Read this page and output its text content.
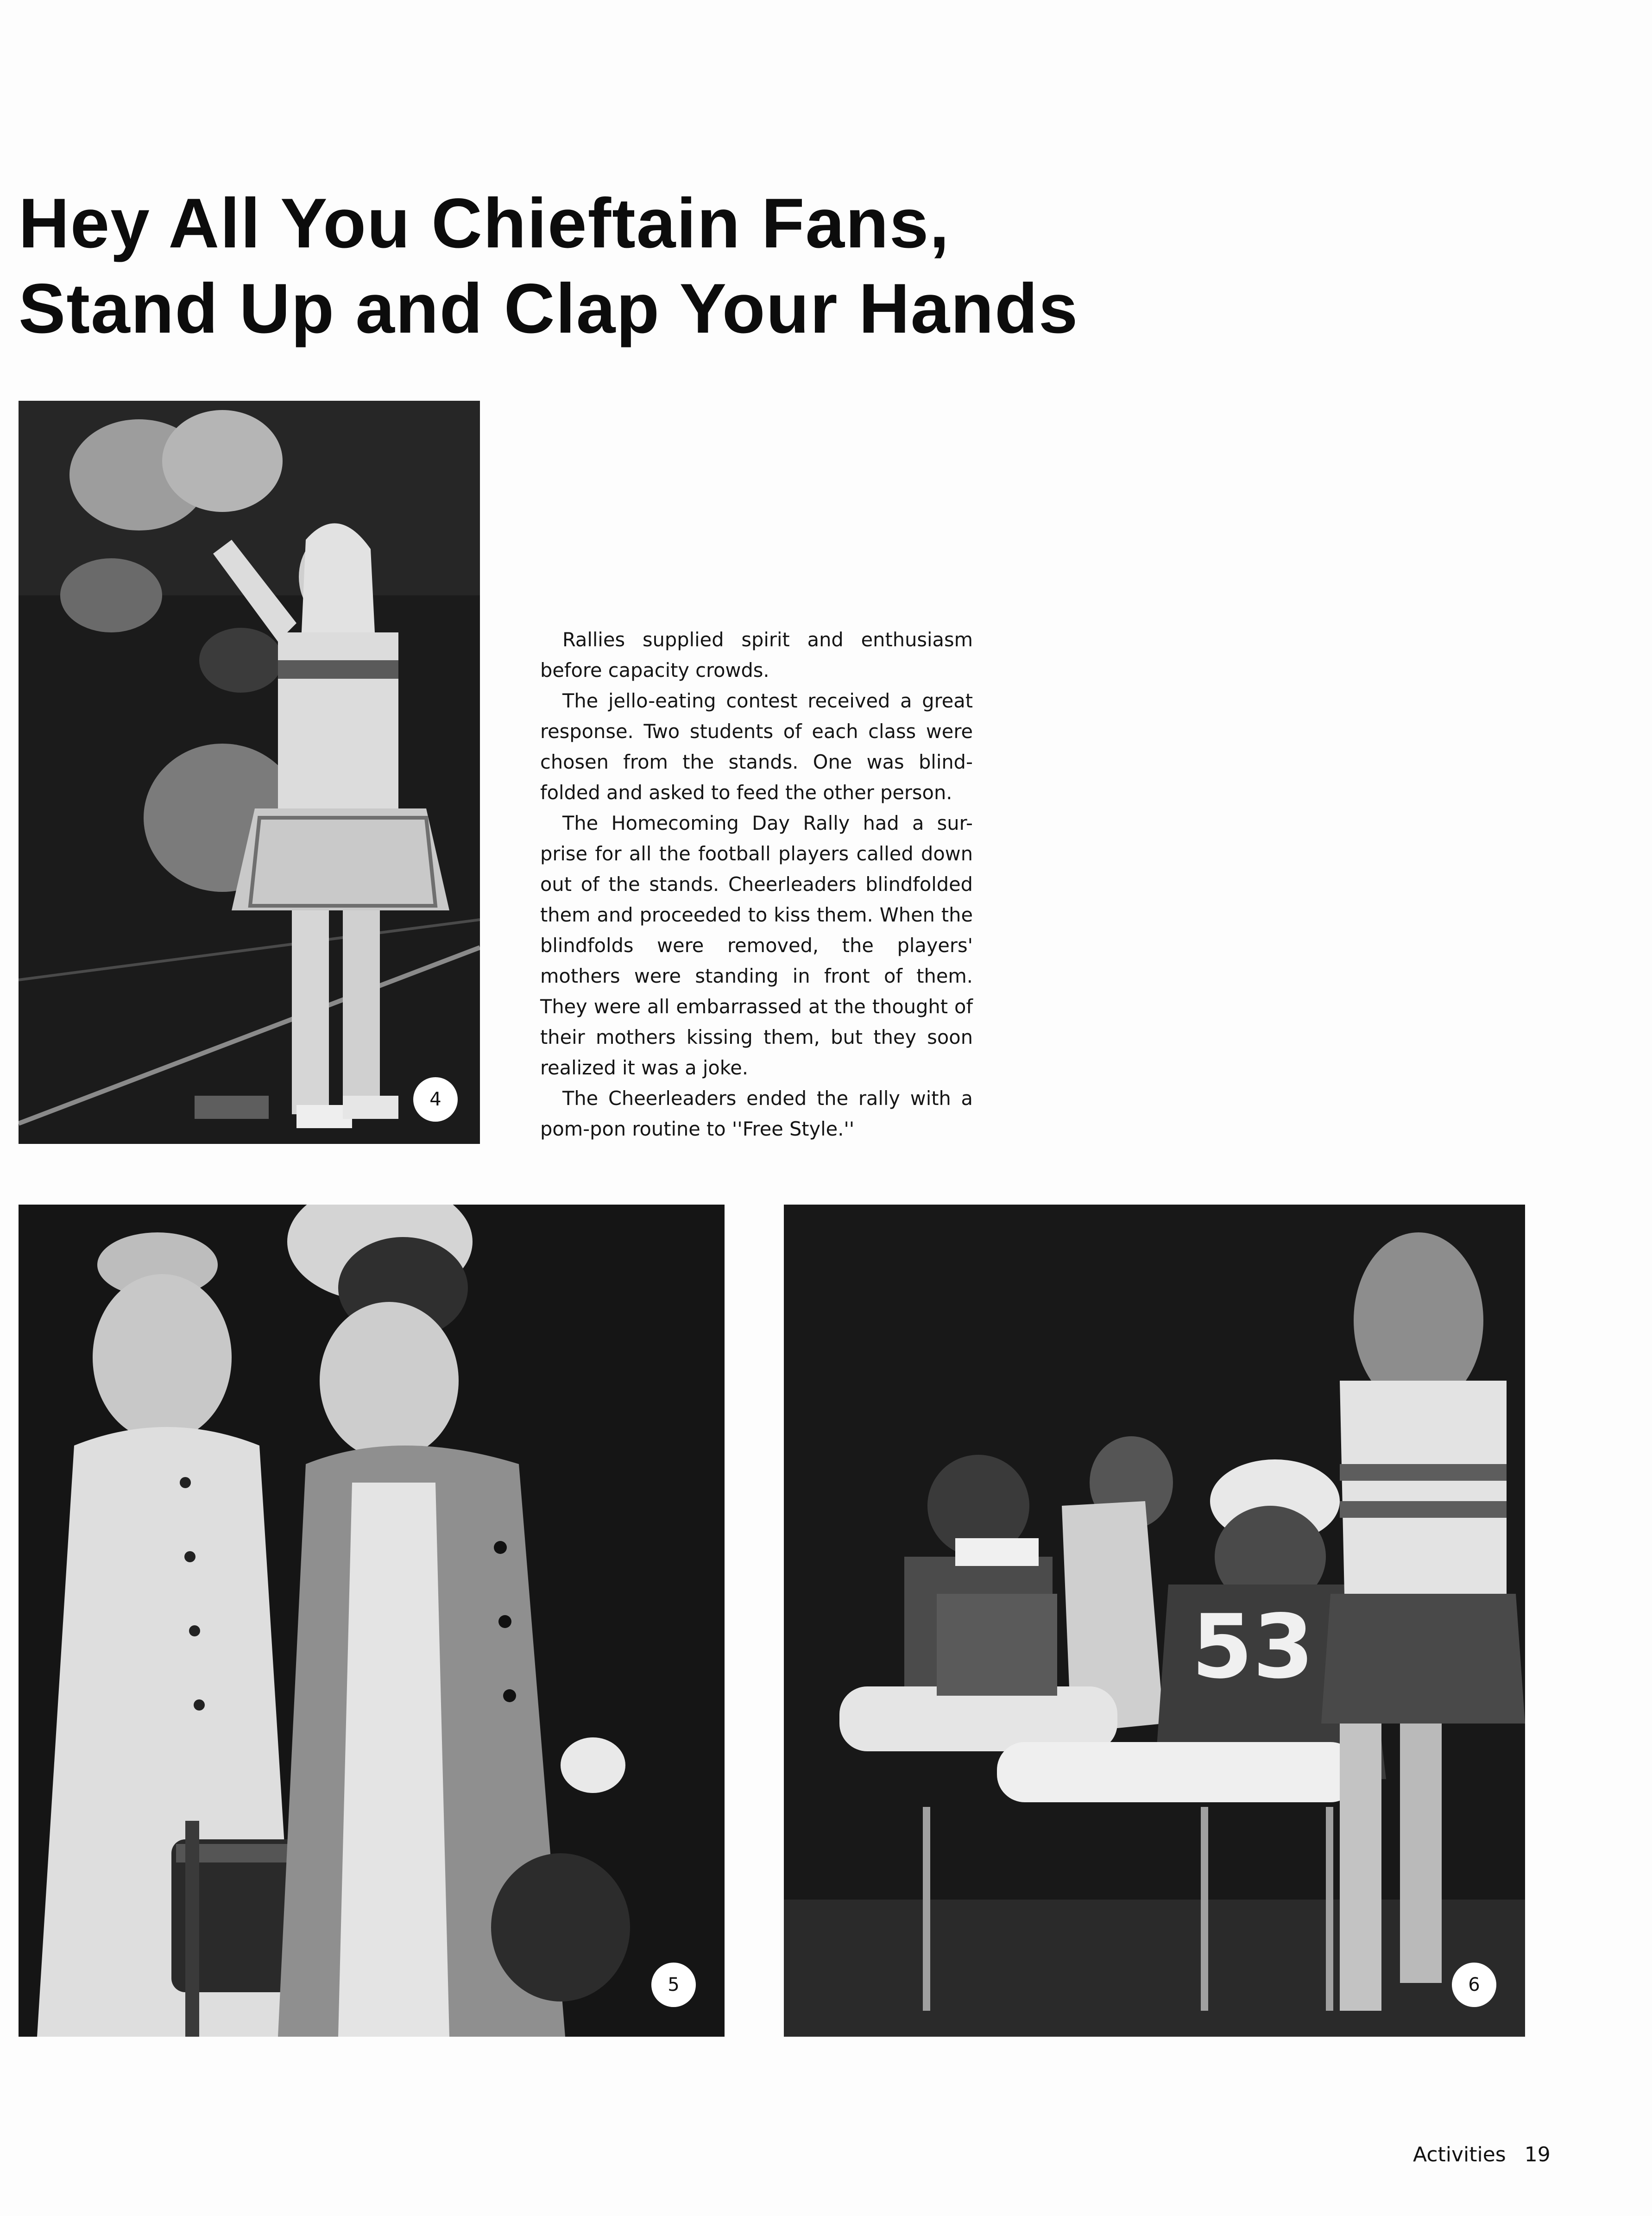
Hey All You Chieftain Fans,
Stand Up and Clap Your Hands
4

Rallies supplied spirit and enthusiasm before capacity crowds.

The jello-eating contest received a great response. Two students of each class were chosen from the stands. One was blind-folded and asked to feed the other person.

The Homecoming Day Rally had a sur-prise for all the football players called down out of the stands. Cheerleaders blindfolded them and proceeded to kiss them. When the blindfolds were removed, the players' mothers were standing in front of them. They were all embarrassed at the thought of their mothers kissing them, but they soon realized it was a joke.

The Cheerleaders ended the rally with a pom-pon routine to ''Free Style.''

5
53
6
Activities 19
